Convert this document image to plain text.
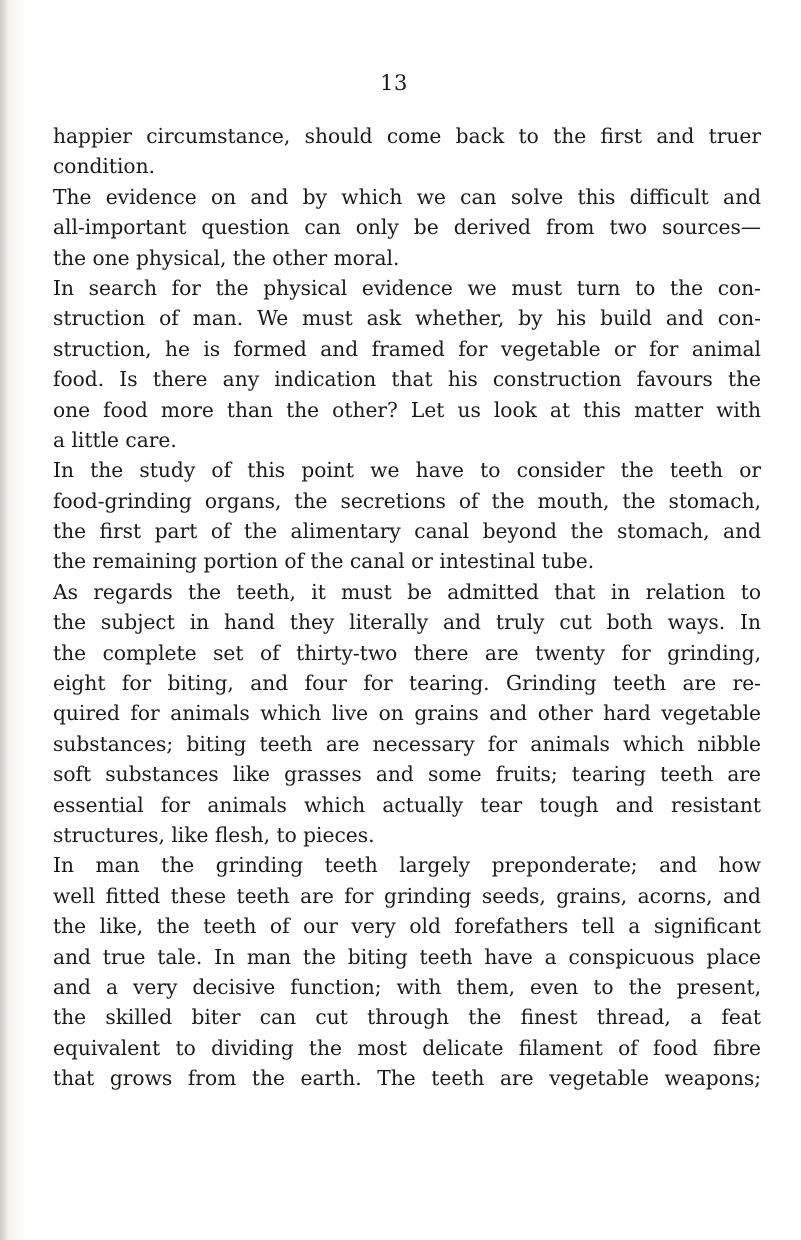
13
happier circumstance, should come back to the first and truer
condition.
The evidence on and by which we can solve this difficult and
all-important question can only be derived from two sources—
the one physical, the other moral.
In search for the physical evidence we must turn to the con-
struction of man. We must ask whether, by his build and con-
struction, he is formed and framed for vegetable or for animal
food. Is there any indication that his construction favours the
one food more than the other? Let us look at this matter with
a little care.
In the study of this point we have to consider the teeth or
food-grinding organs, the secretions of the mouth, the stomach,
the first part of the alimentary canal beyond the stomach, and
the remaining portion of the canal or intestinal tube.
As regards the teeth, it must be admitted that in relation to
the subject in hand they literally and truly cut both ways. In
the complete set of thirty-two there are twenty for grinding,
eight for biting, and four for tearing. Grinding teeth are re-
quired for animals which live on grains and other hard vegetable
substances; biting teeth are necessary for animals which nibble
soft substances like grasses and some fruits; tearing teeth are
essential for animals which actually tear tough and resistant
structures, like flesh, to pieces.
In man the grinding teeth largely preponderate; and how
well fitted these teeth are for grinding seeds, grains, acorns, and
the like, the teeth of our very old forefathers tell a significant
and true tale. In man the biting teeth have a conspicuous place
and a very decisive function; with them, even to the present,
the skilled biter can cut through the finest thread, a feat
equivalent to dividing the most delicate filament of food fibre
that grows from the earth. The teeth are vegetable weapons;
